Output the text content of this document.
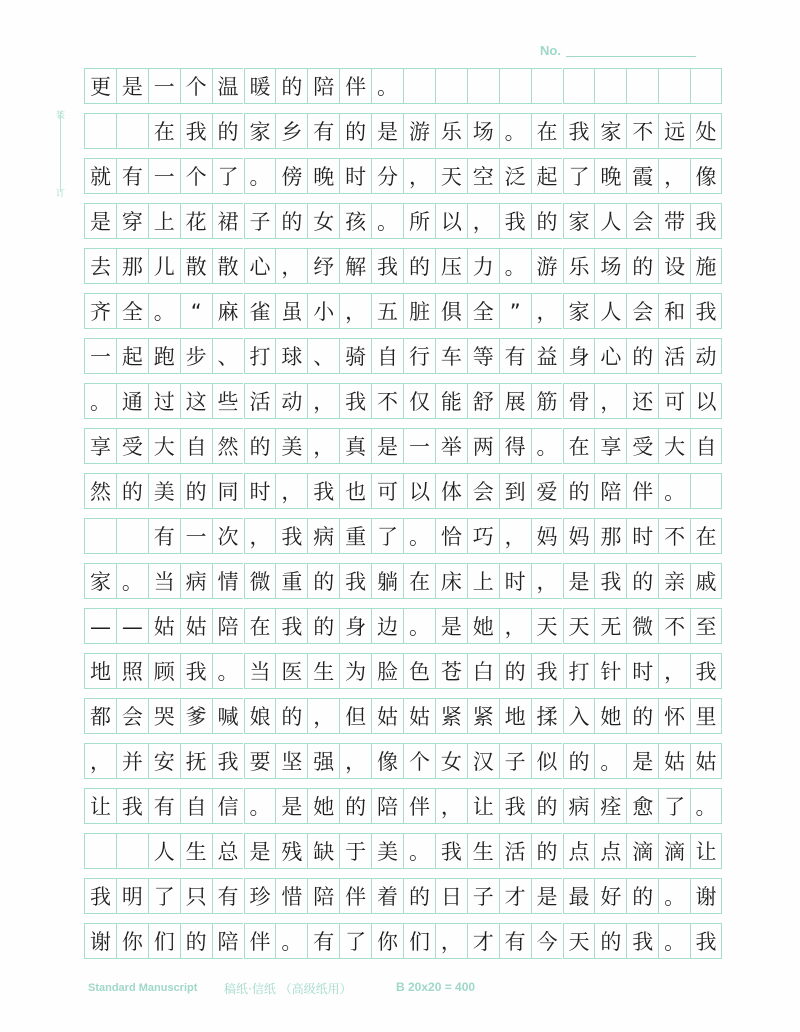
No.
装
订
更 是 一 个 温 暖 的 陪 伴 。
在 我 的 家 乡 有 的 是 游 乐 场 。 在 我 家 不 远 处
就 有 一 个 了 。 傍 晚 时 分 ， 天 空 泛 起 了 晚 霞 ， 像
是 穿 上 花 裙 子 的 女 孩 。 所 以 ， 我 的 家 人 会 带 我
去 那 儿 散 散 心 ， 纾 解 我 的 压 力 。 游 乐 场 的 设 施
齐 全 。 “ 麻 雀 虽 小 ， 五 脏 俱 全 ” ， 家 人 会 和 我
一 起 跑 步 、 打 球 、 骑 自 行 车 等 有 益 身 心 的 活 动
。 通 过 这 些 活 动 ， 我 不 仅 能 舒 展 筋 骨 ， 还 可 以
享 受 大 自 然 的 美 ， 真 是 一 举 两 得 。 在 享 受 大 自
然 的 美 的 同 时 ， 我 也 可 以 体 会 到 爱 的 陪 伴 。
有 一 次 ， 我 病 重 了 。 恰 巧 ， 妈 妈 那 时 不 在
家 。 当 病 情 微 重 的 我 躺 在 床 上 时 ， 是 我 的 亲 戚
— — 姑 姑 陪 在 我 的 身 边 。 是 她 ， 天 天 无 微 不 至
地 照 顾 我 。 当 医 生 为 脸 色 苍 白 的 我 打 针 时 ， 我
都 会 哭 爹 喊 娘 的 ， 但 姑 姑 紧 紧 地 揉 入 她 的 怀 里
， 并 安 抚 我 要 坚 强 ， 像 个 女 汉 子 似 的 。 是 姑 姑
让 我 有 自 信 。 是 她 的 陪 伴 ， 让 我 的 病 痊 愈 了 。
人 生 总 是 残 缺 于 美 。 我 生 活 的 点 点 滴 滴 让
我 明 了 只 有 珍 惜 陪 伴 着 的 日 子 才 是 最 好 的 。 谢
谢 你 们 的 陪 伴 。 有 了 你 们 ， 才 有 今 天 的 我 。 我
Standard Manuscript 稿纸·信纸 （高级纸用）	B 20x20 = 400
